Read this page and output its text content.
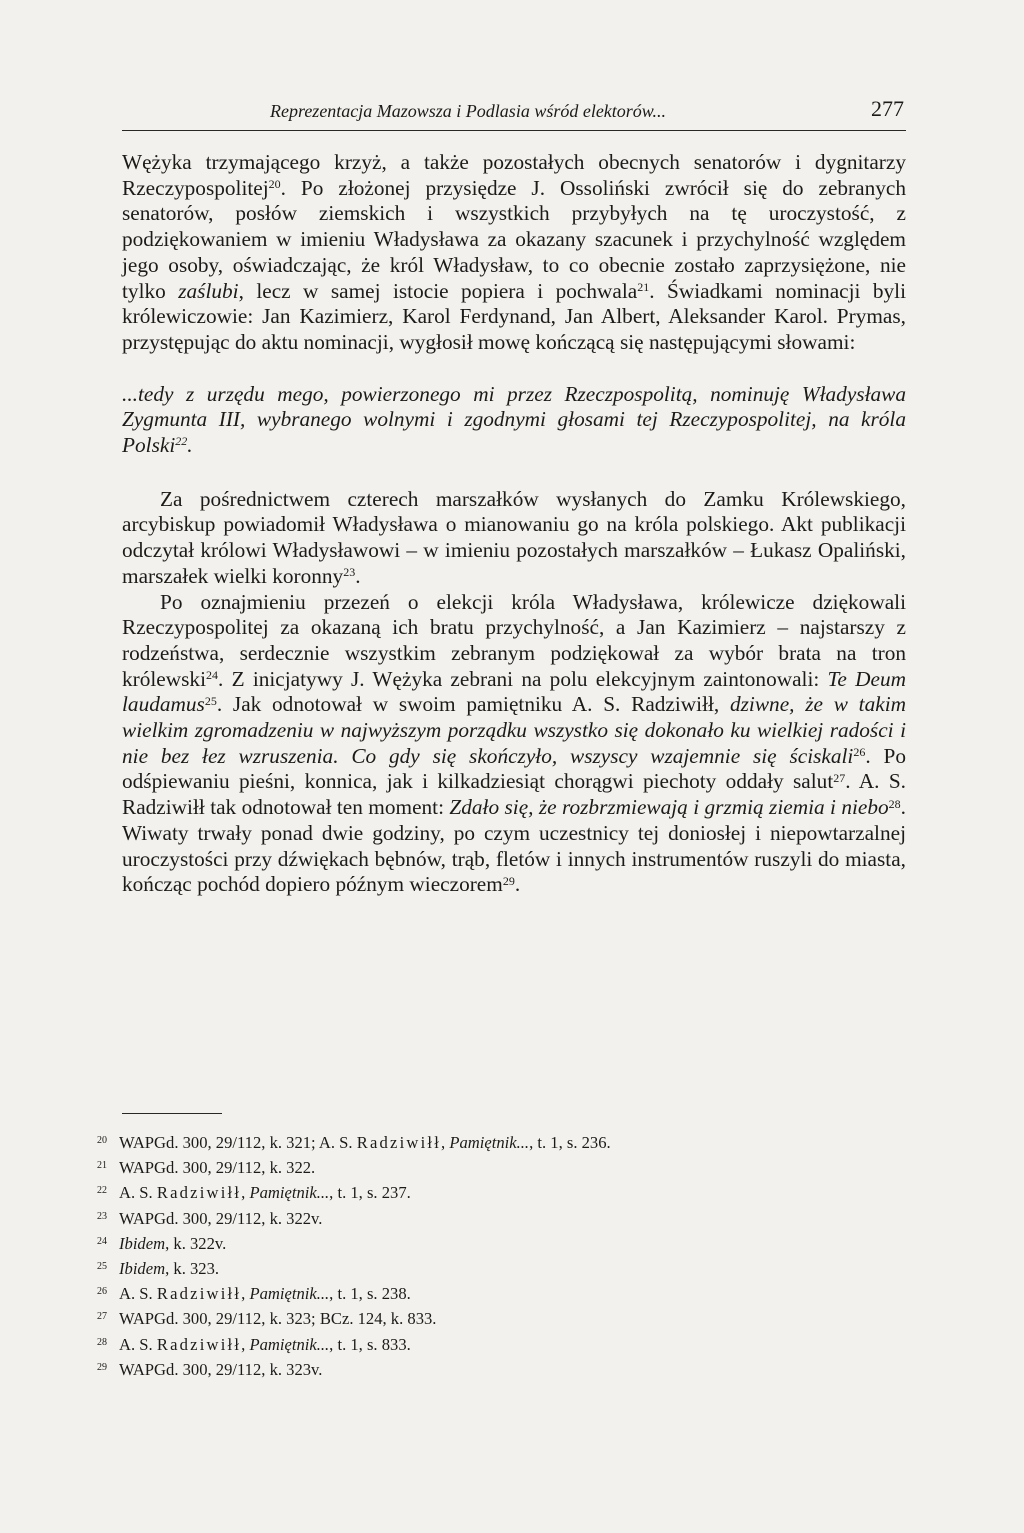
Reprezentacja Mazowsza i Podlasia wśród elektorów...	277

Wężyka trzymającego krzyż, a także pozostałych obecnych senatorów i dygnitarzy Rzeczypospolitej$^{20}$. Po złożonej przysiędze J. Ossoliński zwrócił się do zebranych senatorów, posłów ziemskich i wszystkich przybyłych na tę uroczystość, z podziękowaniem w imieniu Władysława za okazany szacunek i przychylność względem jego osoby, oświadczając, że król Władysław, to co obecnie zostało zaprzysiężone, nie tylko zaślubi, lecz w samej istocie popiera i pochwala$^{21}$. Świadkami nominacji byli królewiczowie: Jan Kazimierz, Karol Ferdynand, Jan Albert, Aleksander Karol. Prymas, przystępując do aktu nominacji, wygłosił mowę kończącą się następującymi słowami:

...tedy z urzędu mego, powierzonego mi przez Rzeczpospolitą, nominuję Władysława Zygmunta III, wybranego wolnymi i zgodnymi głosami tej Rzeczypospolitej, na króla Polski$^{22}$.

Za pośrednictwem czterech marszałków wysłanych do Zamku Królewskiego, arcybiskup powiadomił Władysława o mianowaniu go na króla polskiego. Akt publikacji odczytał królowi Władysławowi – w imieniu pozostałych marszałków – Łukasz Opaliński, marszałek wielki koronny$^{23}$.

Po oznajmieniu przezeń o elekcji króla Władysława, królewicze dziękowali Rzeczypospolitej za okazaną ich bratu przychylność, a Jan Kazimierz – najstarszy z rodzeństwa, serdecznie wszystkim zebranym podziękował za wybór brata na tron królewski$^{24}$. Z inicjatywy J. Wężyka zebrani na polu elekcyjnym zaintonowali: Te Deum laudamus$^{25}$. Jak odnotował w swoim pamiętniku A. S. Radziwiłł, dziwne, że w takim wielkim zgromadzeniu w najwyższym porządku wszystko się dokonało ku wielkiej radości i nie bez łez wzruszenia. Co gdy się skończyło, wszyscy wzajemnie się ściskali$^{26}$. Po odśpiewaniu pieśni, konnica, jak i kilkadziesiąt chorągwi piechoty oddały salut$^{27}$. A. S. Radziwiłł tak odnotował ten moment: Zdało się, że rozbrzmiewają i grzmią ziemia i niebo$^{28}$. Wiwaty trwały ponad dwie godziny, po czym uczestnicy tej doniosłej i niepowtarzalnej uroczystości przy dźwiękach bębnów, trąb, fletów i innych instrumentów ruszyli do miasta, kończąc pochód dopiero późnym wieczorem$^{29}$.

20 WAPGd. 300, 29/112, k. 321; A. S. Radziwiłł, Pamiętnik..., t. 1, s. 236.
21 WAPGd. 300, 29/112, k. 322.
22 A. S. Radziwiłł, Pamiętnik..., t. 1, s. 237.
23 WAPGd. 300, 29/112, k. 322v.
24 Ibidem, k. 322v.
25 Ibidem, k. 323.
26 A. S. Radziwiłł, Pamiętnik..., t. 1, s. 238.
27 WAPGd. 300, 29/112, k. 323; BCz. 124, k. 833.
28 A. S. Radziwiłł, Pamiętnik..., t. 1, s. 833.
29 WAPGd. 300, 29/112, k. 323v.
